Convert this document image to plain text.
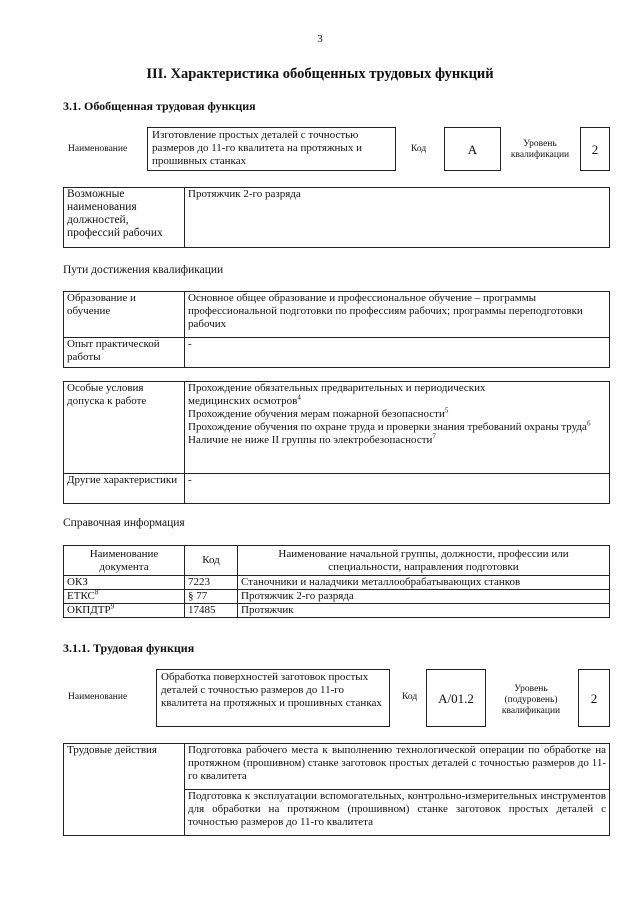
3
III. Характеристика обобщенных трудовых функций
3.1. Обобщенная трудовая функция
Наименование
Изготовление простых деталей с точностью размеров до 11-го квалитета на протяжных и прошивных станках
Код	A	Уровень квалификации	2
Возможные наименования должностей, профессий рабочих	Протяжчик 2-го разряда
Пути достижения квалификации
Образование и обучение	Основное общее образование и профессиональное обучение – программы профессиональной подготовки по профессиям рабочих; программы переподготовки рабочих
Опыт практической работы	-
Особые условия допуска к работе	Прохождение обязательных предварительных и периодических медицинских осмотров$^4$
Прохождение обучения мерам пожарной безопасности$^5$
Прохождение обучения по охране труда и проверки знания требований охраны труда$^6$
Наличие не ниже II группы по электробезопасности$^7$

Другие характеристики	-
Справочная информация
Наименование документа	Код	Наименование начальной группы, должности, профессии или специальности, направления подготовки
ОКЗ	7223	Станочники и наладчики металлообрабатывающих станков
ЕТКС$^8$	§ 77	Протяжчик 2-го разряда
ОКПДТР$^9$	17485	Протяжчик
3.1.1. Трудовая функция
Наименование
Обработка поверхностей заготовок простых деталей с точностью размеров до 11-го квалитета на протяжных и прошивных станках	Код	A/01.2
Уровень (подуровень) квалификации
2
Трудовые действия	Подготовка рабочего места к выполнению технологической операции по обработке на протяжном (прошивном) станке заготовок простых деталей с точностью размеров до 11-го квалитета
Подготовка к эксплуатации вспомогательных, контрольно-измерительных инструментов для обработки на протяжном (прошивном) станке заготовок простых деталей с точностью размеров до 11-го квалитета
